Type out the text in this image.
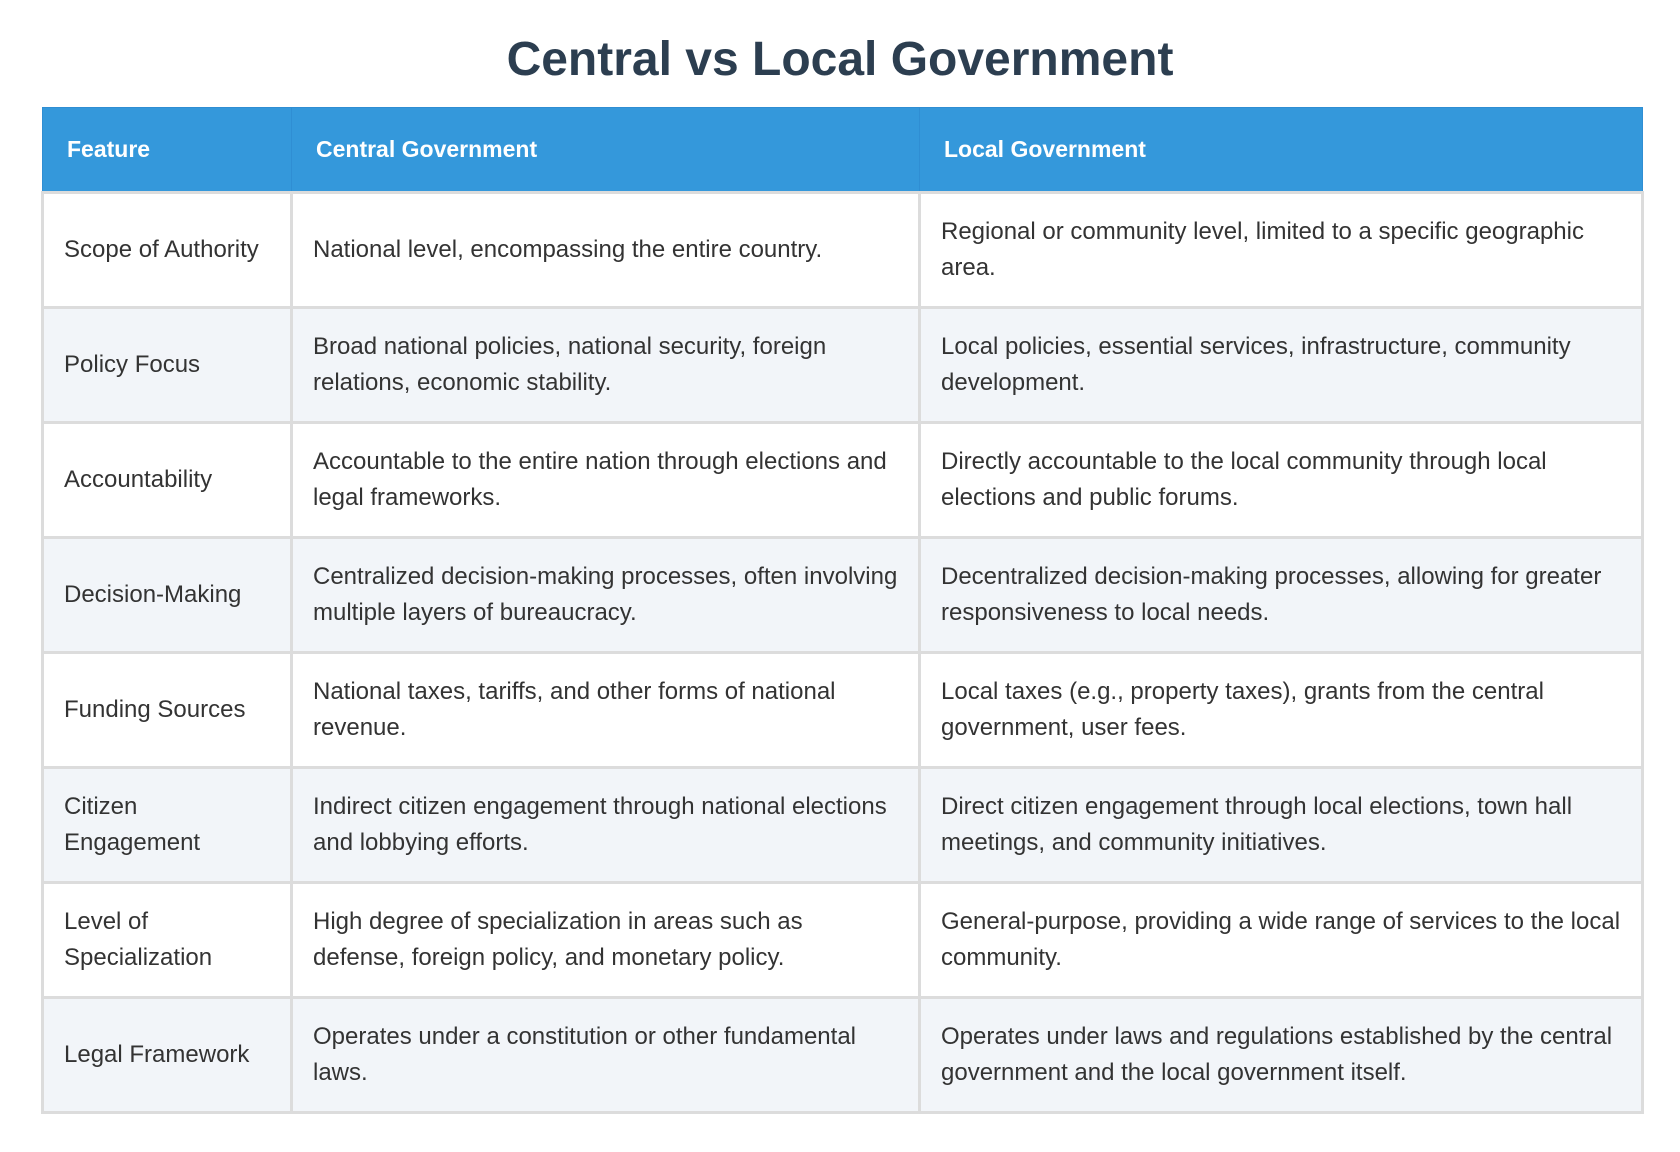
Central vs Local Government
Feature	Central Government	Local Government
Scope of Authority	National level, encompassing the entire country.	Regional or community level, limited to a specific geographic area.
Policy Focus	Broad national policies, national security, foreign relations, economic stability.	Local policies, essential services, infrastructure, community development.
Accountability	Accountable to the entire nation through elections and legal frameworks.	Directly accountable to the local community through local elections and public forums.
Decision-Making	Centralized decision-making processes, often involving multiple layers of bureaucracy.	Decentralized decision-making processes, allowing for greater responsiveness to local needs.
Funding Sources	National taxes, tariffs, and other forms of national revenue.	Local taxes (e.g., property taxes), grants from the central government, user fees.
Citizen Engagement	Indirect citizen engagement through national elections and lobbying efforts.	Direct citizen engagement through local elections, town hall meetings, and community initiatives.
Level of Specialization	High degree of specialization in areas such as defense, foreign policy, and monetary policy.	General-purpose, providing a wide range of services to the local community.
Legal Framework	Operates under a constitution or other fundamental laws.	Operates under laws and regulations established by the central government and the local government itself.
